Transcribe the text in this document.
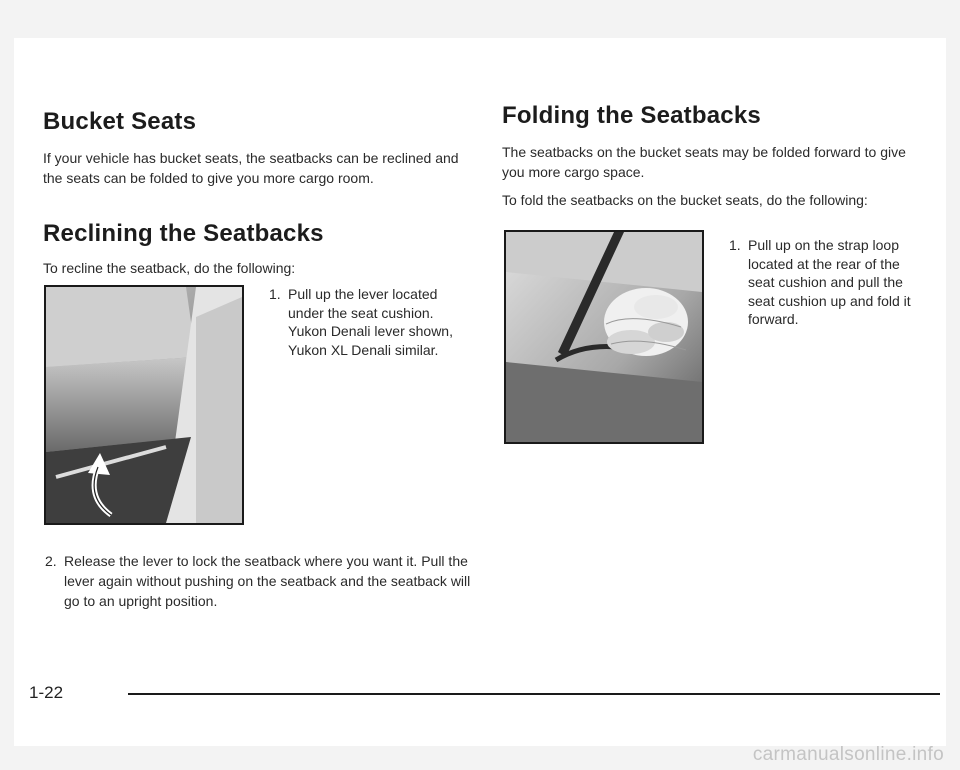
Bucket Seats

If your vehicle has bucket seats, the seatbacks can be reclined and the seats can be folded to give you more cargo room.

Reclining the Seatbacks

To recline the seatback, do the following:

1. Pull up the lever located under the seat cushion. Yukon Denali lever shown, Yukon XL Denali similar.
2. Release the lever to lock the seatback where you want it. Pull the lever again without pushing on the seatback and the seatback will go to an upright position.
Folding the Seatbacks

The seatbacks on the bucket seats may be folded forward to give you more cargo space.

To fold the seatbacks on the bucket seats, do the following:

1. Pull up on the strap loop located at the rear of the seat cushion and pull the seat cushion up and fold it forward.
1-22
carmanualsonline.info
